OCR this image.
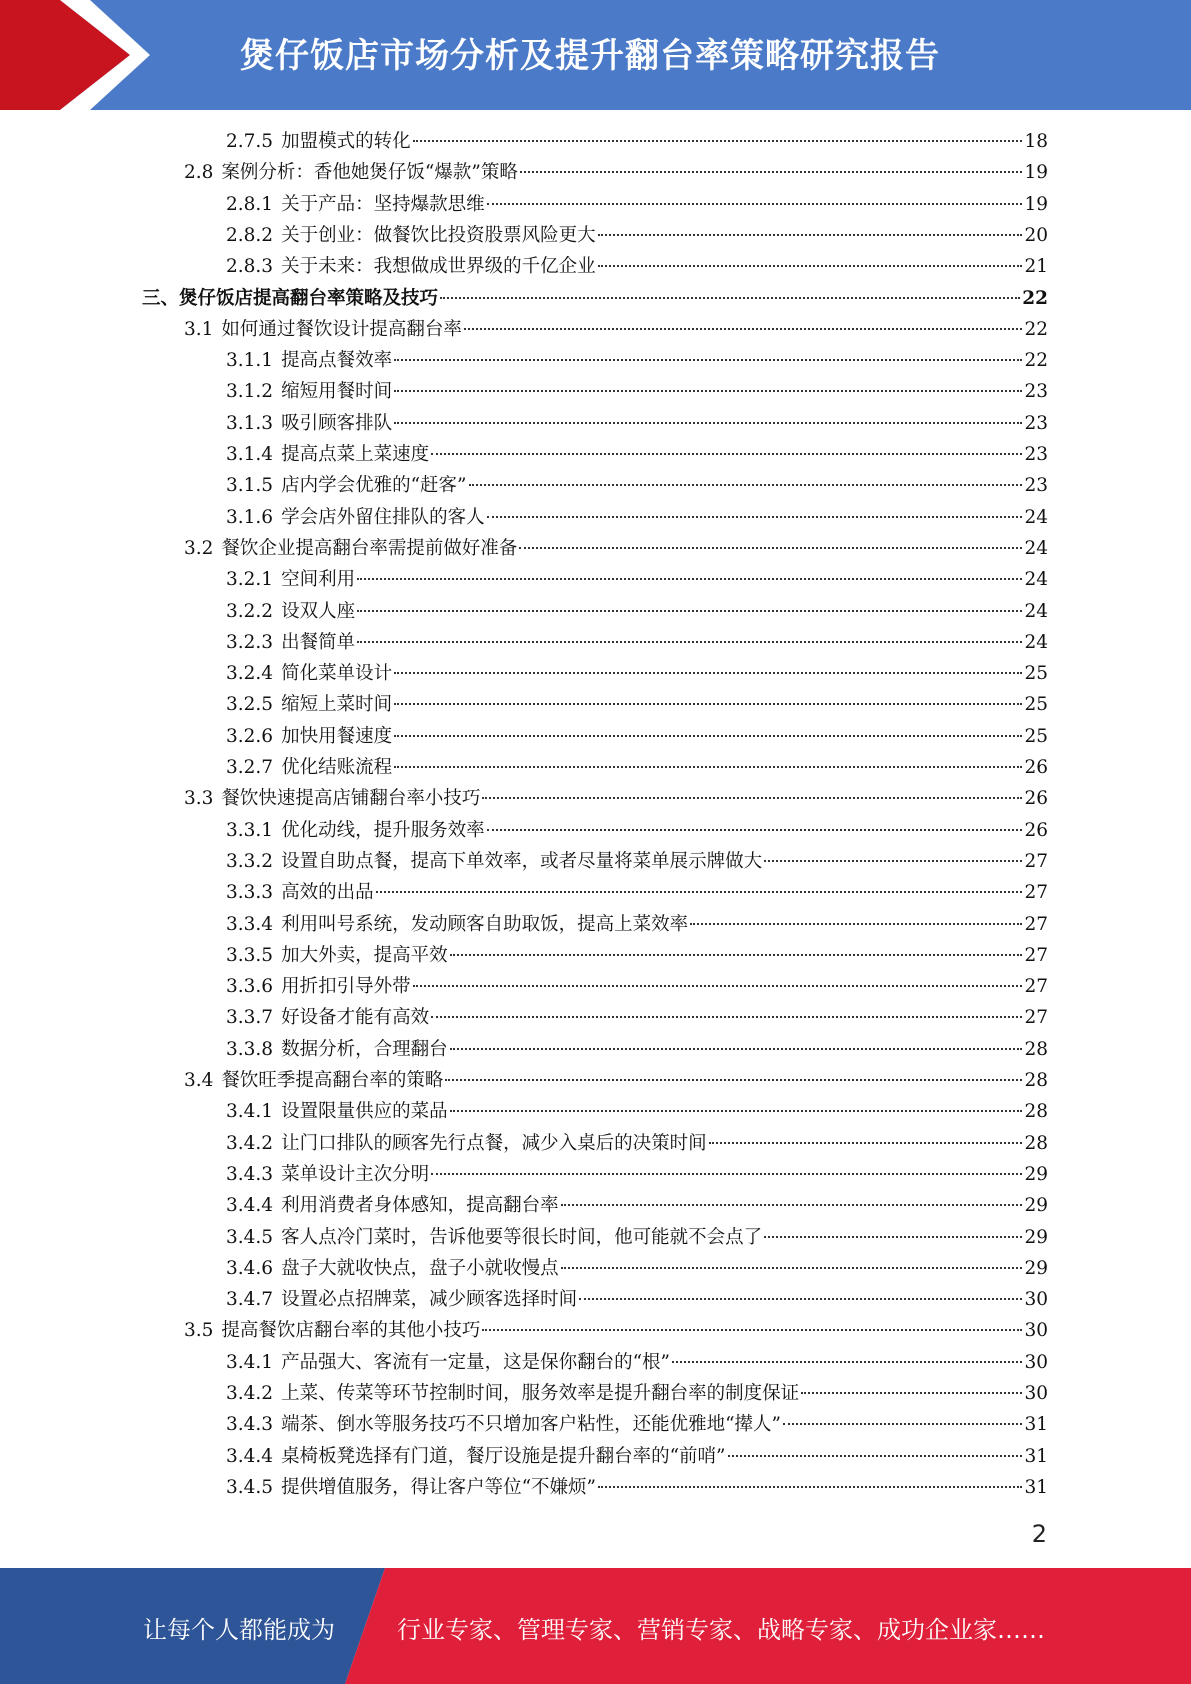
煲仔饭店市场分析及提升翻台率策略研究报告
2.7.5 加盟模式的转化	18
2.8 案例分析：香他她煲仔饭“爆款”策略	19
2.8.1 关于产品：坚持爆款思维	19
2.8.2 关于创业：做餐饮比投资股票风险更大	20
2.8.3 关于未来：我想做成世界级的千亿企业	21
三、 煲仔饭店提高翻台率策略及技巧	22
3.1 如何通过餐饮设计提高翻台率	22
3.1.1 提高点餐效率	22
3.1.2 缩短用餐时间	23
3.1.3 吸引顾客排队	23
3.1.4 提高点菜上菜速度	23
3.1.5 店内学会优雅的“赶客”	23
3.1.6 学会店外留住排队的客人	24
3.2 餐饮企业提高翻台率需提前做好准备	24
3.2.1 空间利用	24
3.2.2 设双人座	24
3.2.3 出餐简单	24
3.2.4 简化菜单设计	25
3.2.5 缩短上菜时间	25
3.2.6 加快用餐速度	25
3.2.7 优化结账流程	26
3.3 餐饮快速提高店铺翻台率小技巧	26
3.3.1 优化动线，提升服务效率	26
3.3.2 设置自助点餐，提高下单效率，或者尽量将菜单展示牌做大	27
3.3.3 高效的出品	27
3.3.4 利用叫号系统，发动顾客自助取饭，提高上菜效率	27
3.3.5 加大外卖，提高平效	27
3.3.6 用折扣引导外带	27
3.3.7 好设备才能有高效	27
3.3.8 数据分析，合理翻台	28
3.4 餐饮旺季提高翻台率的策略	28
3.4.1 设置限量供应的菜品	28
3.4.2 让门口排队的顾客先行点餐，减少入桌后的决策时间	28
3.4.3 菜单设计主次分明	29
3.4.4 利用消费者身体感知，提高翻台率	29
3.4.5 客人点冷门菜时，告诉他要等很长时间，他可能就不会点了	29
3.4.6 盘子大就收快点，盘子小就收慢点	29
3.4.7 设置必点招牌菜，减少顾客选择时间	30
3.5 提高餐饮店翻台率的其他小技巧	30
3.4.1 产品强大、客流有一定量，这是保你翻台的“根”	30
3.4.2 上菜、传菜等环节控制时间，服务效率是提升翻台率的制度保证	30
3.4.3 端茶、倒水等服务技巧不只增加客户粘性，还能优雅地“撵人”	31
3.4.4 桌椅板凳选择有门道，餐厅设施是提升翻台率的“前哨”	31
3.4.5 提供增值服务，得让客户等位“不嫌烦”	31
2
让每个人都能成为	行业专家、管理专家、营销专家、战略专家、成功企业家……
